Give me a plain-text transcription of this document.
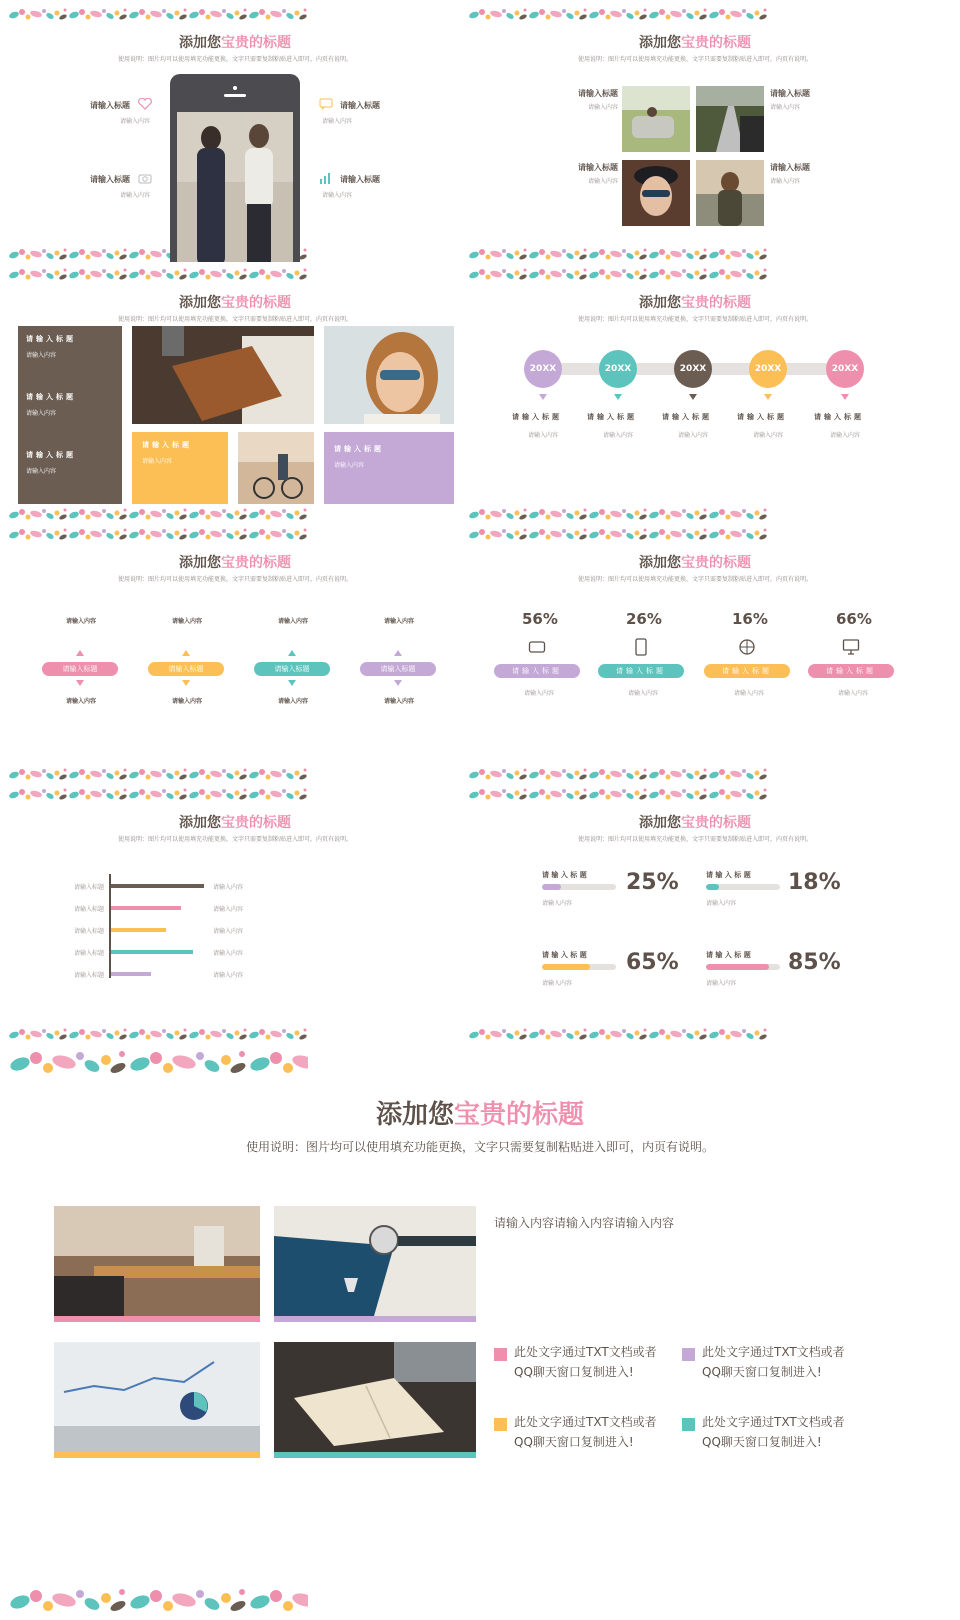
添加您宝贵的标题
使用说明：图片均可以使用填充功能更换，文字只需要复制粘贴进入即可，内页有说明。
请输入标题
请输入内容
请输入标题
请输入内容
请输入标题
请输入内容
请输入标题
请输入内容
添加您宝贵的标题
使用说明：图片均可以使用填充功能更换，文字只需要复制粘贴进入即可，内页有说明。
请输入标题
请输入内容
请输入标题
请输入内容
请输入标题
请输入内容
请输入标题
请输入内容
添加您宝贵的标题
使用说明：图片均可以使用填充功能更换，文字只需要复制粘贴进入即可，内页有说明。
请输入标题
请输入内容
请输入标题
请输入内容
请输入标题
请输入内容
请输入标题
请输入内容
请输入标题
请输入内容
添加您宝贵的标题
使用说明：图片均可以使用填充功能更换，文字只需要复制粘贴进入即可，内页有说明。
20XX	20XX	20XX	20XX	20XX
请输入标题
请输入内容
请输入标题
请输入内容
请输入标题
请输入内容
请输入标题
请输入内容
请输入标题
请输入内容
添加您宝贵的标题
使用说明：图片均可以使用填充功能更换，文字只需要复制粘贴进入即可，内页有说明。
请输入内容
请输入标题
请输入内容
请输入内容
请输入标题
请输入内容
请输入内容
请输入标题
请输入内容
请输入内容
请输入标题
请输入内容
添加您宝贵的标题
使用说明：图片均可以使用填充功能更换，文字只需要复制粘贴进入即可，内页有说明。
56%
请输入标题
请输入内容
26%
请输入标题
请输入内容
16%
请输入标题
请输入内容
66%
请输入标题
请输入内容
添加您宝贵的标题
使用说明：图片均可以使用填充功能更换，文字只需要复制粘贴进入即可，内页有说明。
请输入标题	请输入内容
请输入标题	请输入内容
请输入标题	请输入内容
请输入标题	请输入内容
请输入标题	请输入内容
添加您宝贵的标题
使用说明：图片均可以使用填充功能更换，文字只需要复制粘贴进入即可，内页有说明。
请 输 入 标 题
请输入内容
25%	请 输 入 标 题
请输入内容
18%
请 输 入 标 题
请输入内容
65%	请 输 入 标 题
请输入内容
85%
添加您宝贵的标题
使用说明：图片均可以使用填充功能更换，文字只需要复制粘贴进入即可，内页有说明。
请输入内容请输入内容请输入内容
此处文字通过TXT文档或者
QQ聊天窗口复制进入!
此处文字通过TXT文档或者
QQ聊天窗口复制进入!
此处文字通过TXT文档或者
QQ聊天窗口复制进入!
此处文字通过TXT文档或者
QQ聊天窗口复制进入!
